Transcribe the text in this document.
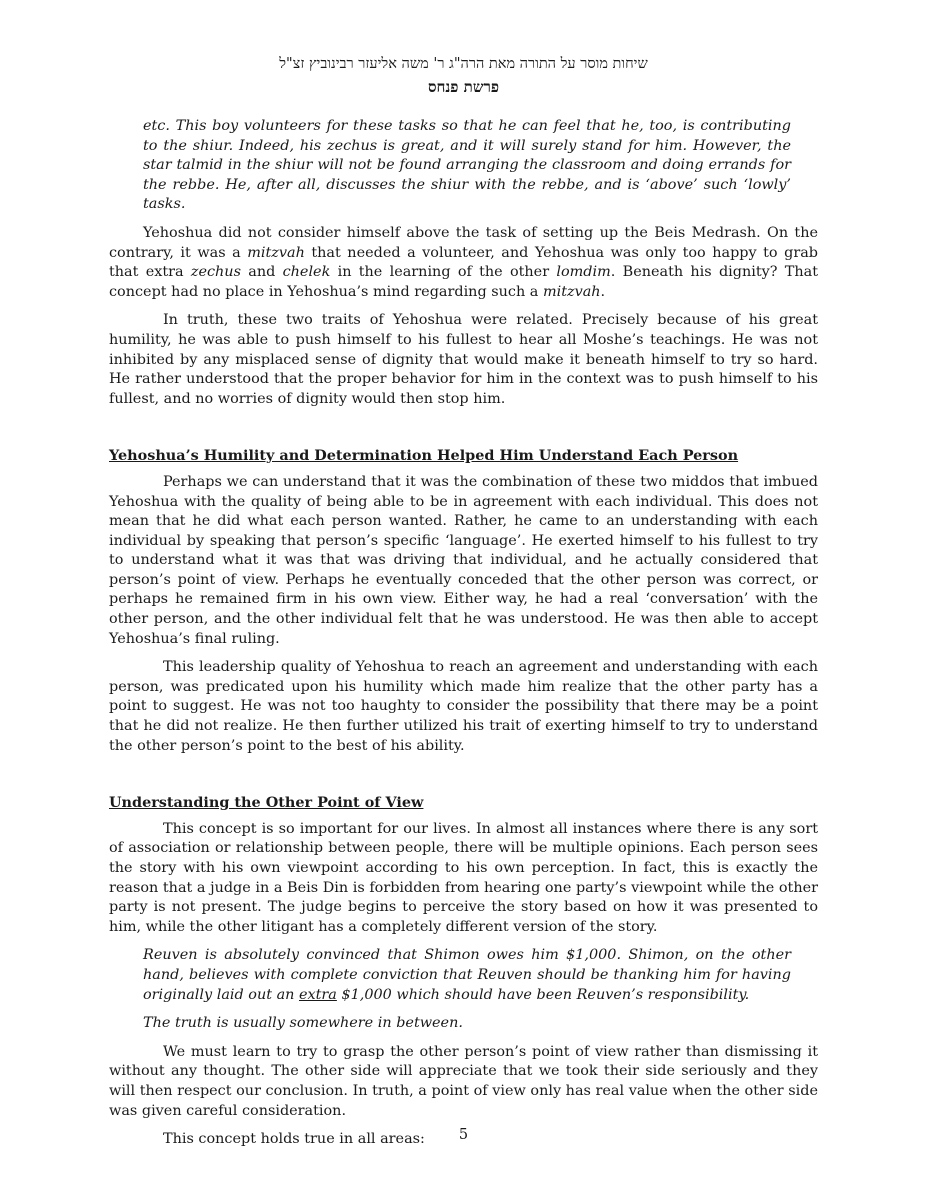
שיחות מוסר על התורה מאת הרה"ג ר' משה אליעזר רבינוביץ זצ"ל
פרשת פנחס

etc. This boy volunteers for these tasks so that he can feel that he, too, is contributing to the shiur. Indeed, his zechus is great, and it will surely stand for him. However, the star talmid in the shiur will not be found arranging the classroom and doing errands for the rebbe. He, after all, discusses the shiur with the rebbe, and is ‘above’ such ‘lowly’ tasks.

Yehoshua did not consider himself above the task of setting up the Beis Medrash. On the contrary, it was a mitzvah that needed a volunteer, and Yehoshua was only too happy to grab that extra zechus and chelek in the learning of the other lomdim. Beneath his dignity? That concept had no place in Yehoshua’s mind regarding such a mitzvah.

In truth, these two traits of Yehoshua were related. Precisely because of his great humility, he was able to push himself to his fullest to hear all Moshe’s teachings. He was not inhibited by any misplaced sense of dignity that would make it beneath himself to try so hard. He rather understood that the proper behavior for him in the context was to push himself to his fullest, and no worries of dignity would then stop him.

Yehoshua’s Humility and Determination Helped Him Understand Each Person

Perhaps we can understand that it was the combination of these two middos that imbued Yehoshua with the quality of being able to be in agreement with each individual. This does not mean that he did what each person wanted. Rather, he came to an understanding with each individual by speaking that person’s specific ‘language’. He exerted himself to his fullest to try to understand what it was that was driving that individual, and he actually considered that person’s point of view. Perhaps he eventually conceded that the other person was correct, or perhaps he remained firm in his own view. Either way, he had a real ‘conversation’ with the other person, and the other individual felt that he was understood. He was then able to accept Yehoshua’s final ruling.

This leadership quality of Yehoshua to reach an agreement and understanding with each person, was predicated upon his humility which made him realize that the other party has a point to suggest. He was not too haughty to consider the possibility that there may be a point that he did not realize. He then further utilized his trait of exerting himself to try to understand the other person’s point to the best of his ability.

Understanding the Other Point of View

This concept is so important for our lives. In almost all instances where there is any sort of association or relationship between people, there will be multiple opinions. Each person sees the story with his own viewpoint according to his own perception. In fact, this is exactly the reason that a judge in a Beis Din is forbidden from hearing one party’s viewpoint while the other party is not present. The judge begins to perceive the story based on how it was presented to him, while the other litigant has a completely different version of the story.

Reuven is absolutely convinced that Shimon owes him $1,000. Shimon, on the other hand, believes with complete conviction that Reuven should be thanking him for having originally laid out an extra $1,000 which should have been Reuven’s responsibility.

The truth is usually somewhere in between.

We must learn to try to grasp the other person’s point of view rather than dismissing it without any thought. The other side will appreciate that we took their side seriously and they will then respect our conclusion. In truth, a point of view only has real value when the other side was given careful consideration.

This concept holds true in all areas:	5
